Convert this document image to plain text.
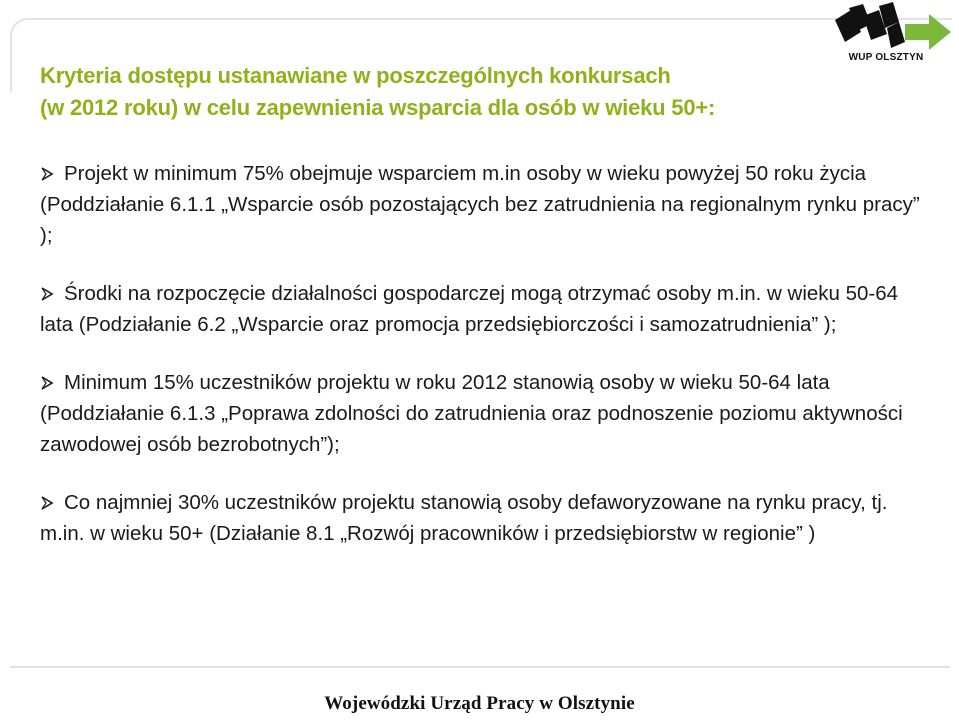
WUP OLSZTYN
Kryteria dostępu ustanawiane w poszczególnych konkursach
(w 2012 roku) w celu zapewnienia wsparcia dla osób w wieku 50+:
Projekt w minimum 75% obejmuje wsparciem m.in osoby w wieku powyżej 50 roku życia (Poddziałanie 6.1.1 „Wsparcie osób pozostających bez zatrudnienia na regionalnym rynku pracy” );
Środki na rozpoczęcie działalności gospodarczej mogą otrzymać osoby m.in. w wieku 50-64 lata (Podziałanie 6.2 „Wsparcie oraz promocja przedsiębiorczości i samozatrudnienia” );
Minimum 15% uczestników projektu w roku 2012 stanowią osoby w wieku 50-64 lata (Poddziałanie 6.1.3 „Poprawa zdolności do zatrudnienia oraz podnoszenie poziomu aktywności zawodowej osób bezrobotnych”);
Co najmniej 30% uczestników projektu stanowią osoby defaworyzowane na rynku pracy, tj. m.in. w wieku 50+ (Działanie 8.1 „Rozwój pracowników i przedsiębiorstw w regionie” )
Wojewódzki Urząd Pracy w Olsztynie
